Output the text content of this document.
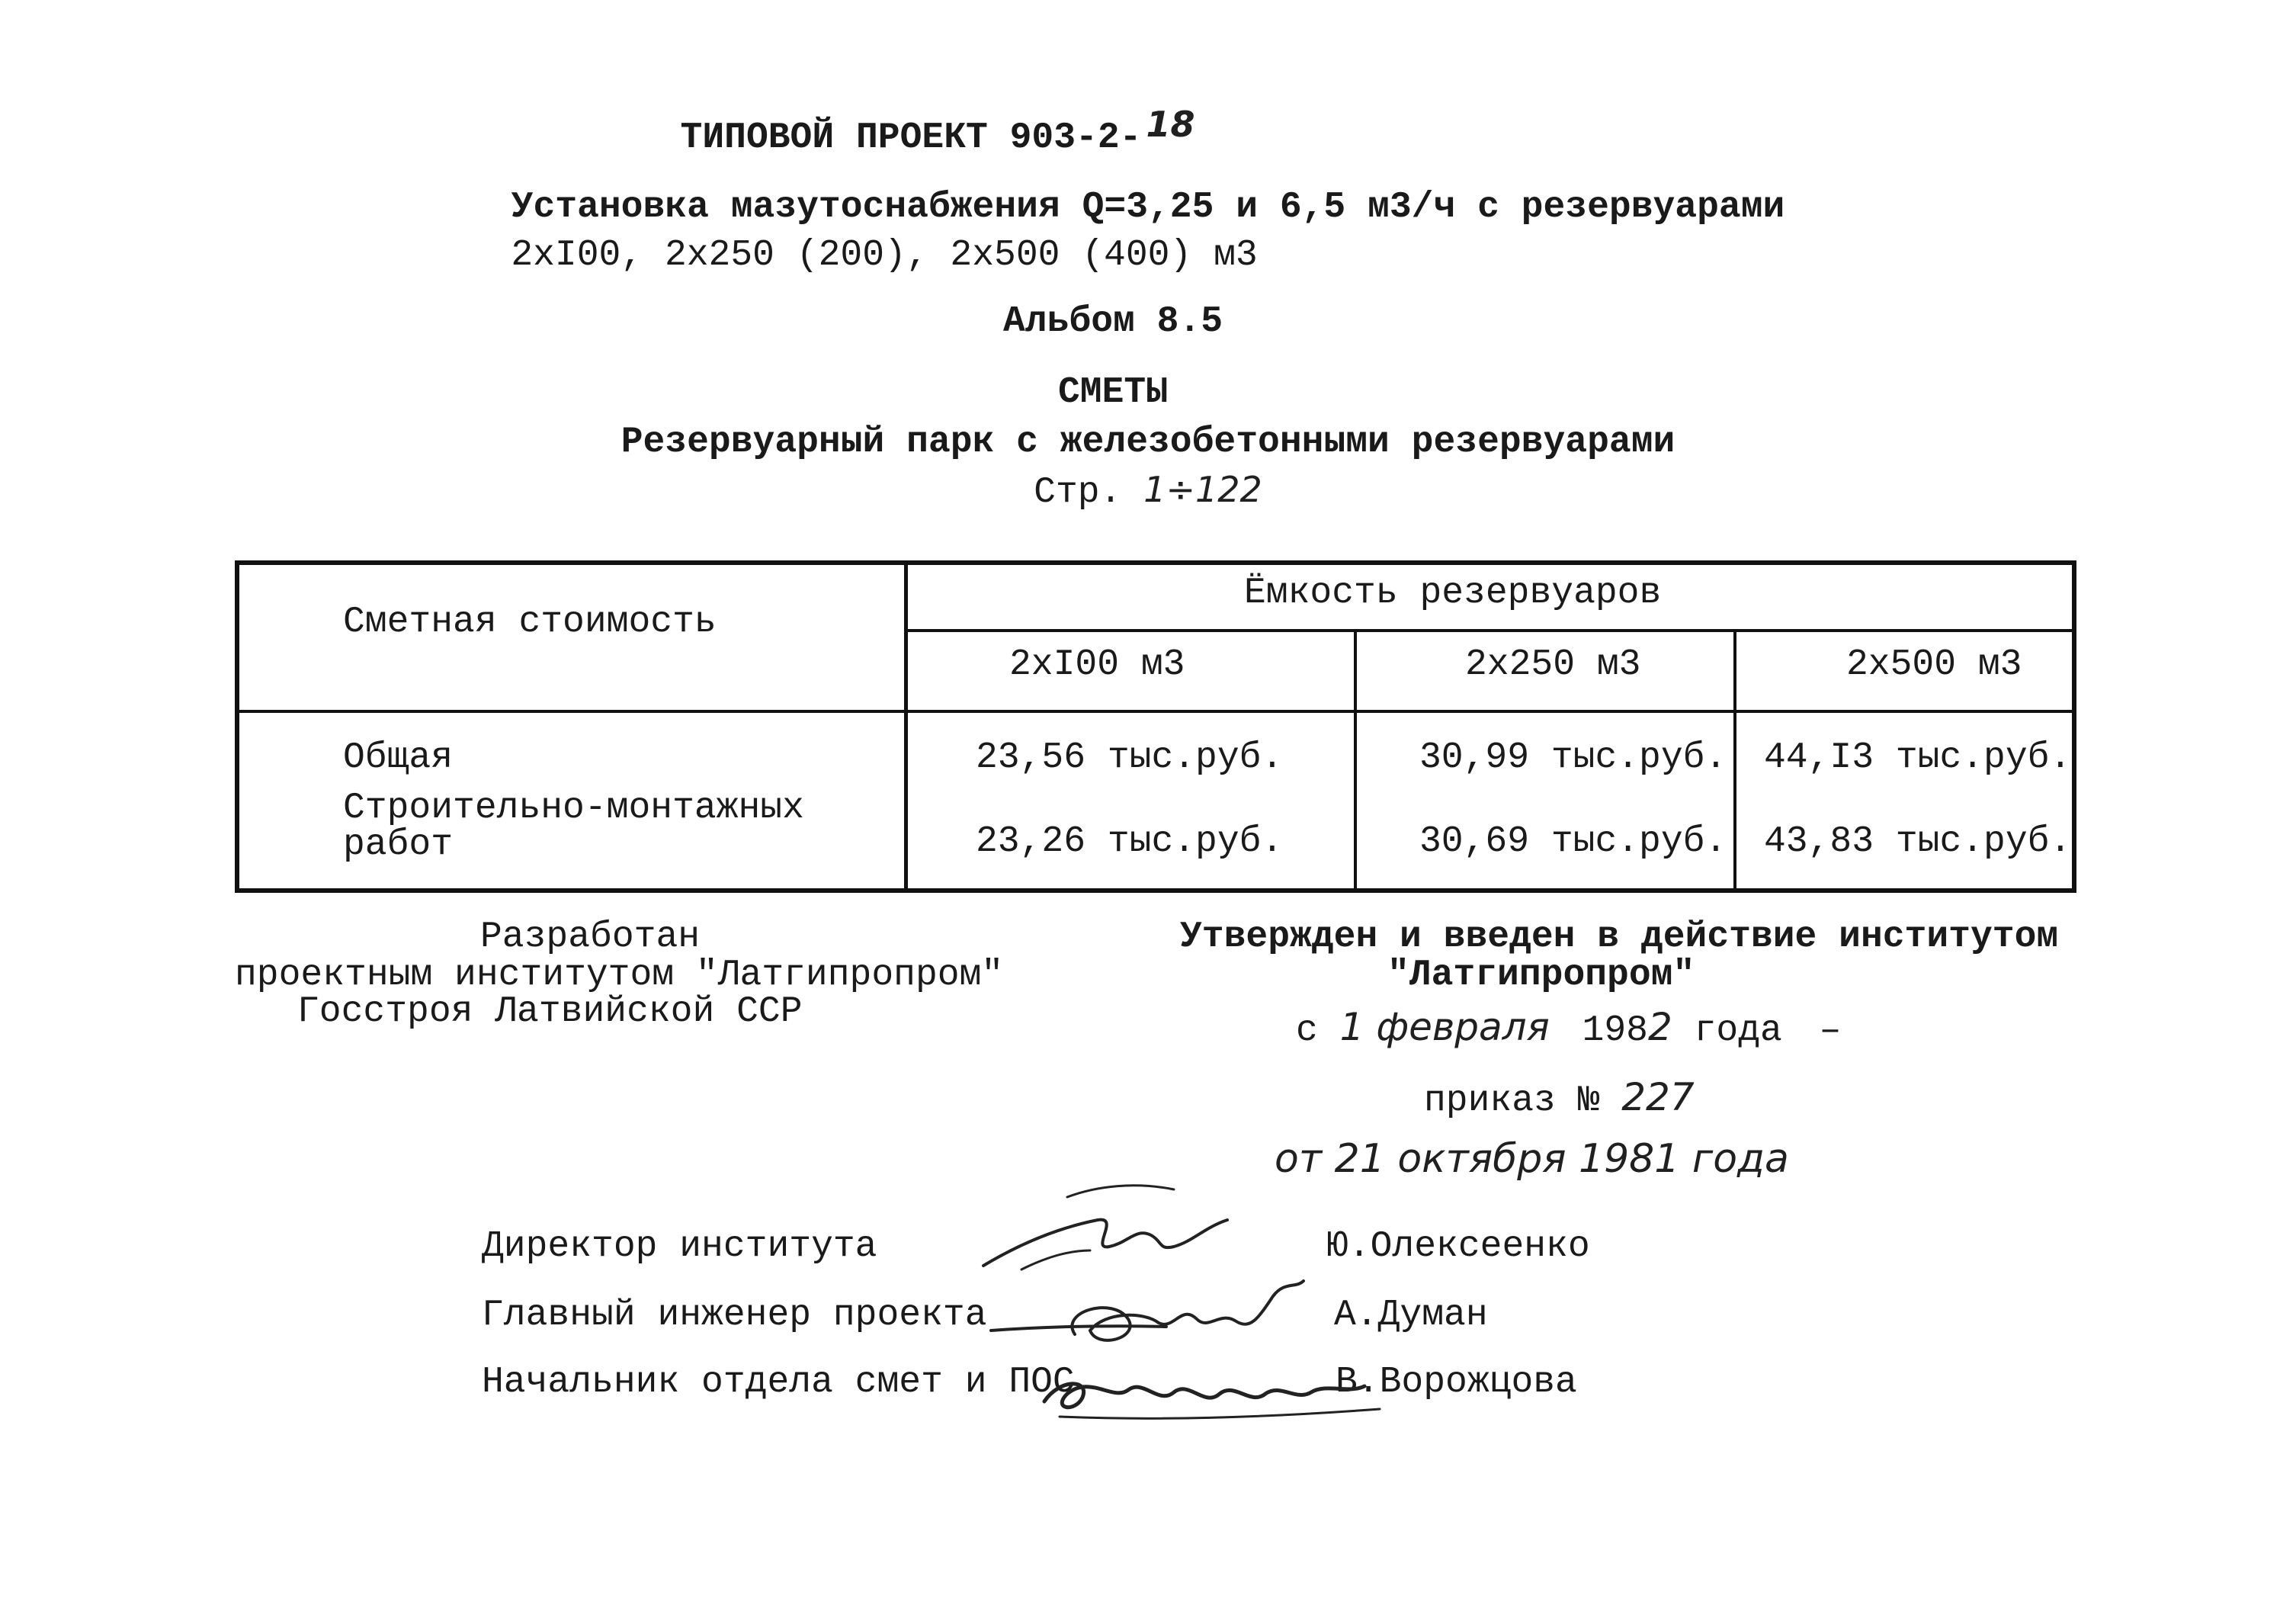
ТИПОВОЙ ПРОЕКТ 903-2- 18
Установка мазутоснабжения Q=3,25 и 6,5 м3/ч с резервуарами
2хI00, 2х250 (200), 2х500 (400) м3
Альбом 8.5
СМЕТЫ
Резервуарный парк с железобетонными резервуарами
Стр. 1÷122
Сметная стоимость
Ёмкость резервуаров
2хI00 м3	2х250 м3	2х500 м3
Общая	23,56 тыс.руб.	30,99 тыс.руб. 44,I3 тыс.руб.
Строительно-монтажных
работ	23,26 тыс.руб.	30,69 тыс.руб. 43,83 тыс.руб.
Разработан
проектным институтом "Латгипропром"
Госстроя Латвийской ССР
Утвержден и введен в действие институтом
"Латгипропром"
с 1 февраля 1982 года –
приказ № 227
от 21 октября 1981 года
Директор института	Ю.Олексеенко
Главный инженер проекта	А.Думан
Начальник отдела смет и ПОС	В.Ворожцова
